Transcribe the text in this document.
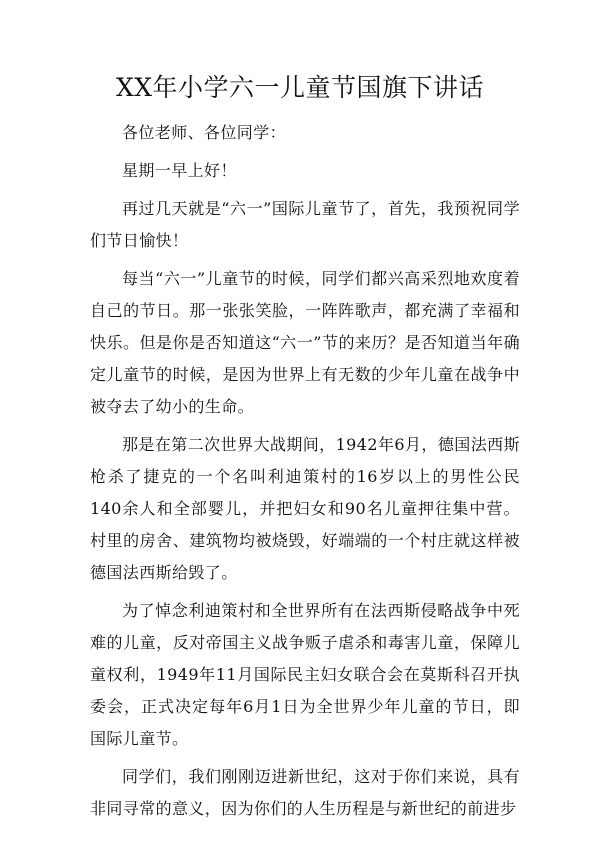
XX年小学六一儿童节国旗下讲话

各位老师、各位同学：

星期一早上好！

再过几天就是“六一”国际儿童节了，首先，我预祝同学们节日愉快！

每当“六一”儿童节的时候，同学们都兴高采烈地欢度着自己的节日。那一张张笑脸，一阵阵歌声，都充满了幸福和快乐。但是你是否知道这“六一”节的来历？是否知道当年确定儿童节的时候，是因为世界上有无数的少年儿童在战争中被夺去了幼小的生命。

那是在第二次世界大战期间，1942年6月，德国法西斯枪杀了捷克的一个名叫利迪策村的16岁以上的男性公民140余人和全部婴儿，并把妇女和90名儿童押往集中营。村里的房舍、建筑物均被烧毁，好端端的一个村庄就这样被德国法西斯给毁了。

为了悼念利迪策村和全世界所有在法西斯侵略战争中死难的儿童，反对帝国主义战争贩子虐杀和毒害儿童，保障儿童权利，1949年11月国际民主妇女联合会在莫斯科召开执委会，正式决定每年6月1日为全世界少年儿童的节日，即国际儿童节。

同学们，我们刚刚迈进新世纪，这对于你们来说，具有非同寻常的意义，因为你们的人生历程是与新世纪的前进步
